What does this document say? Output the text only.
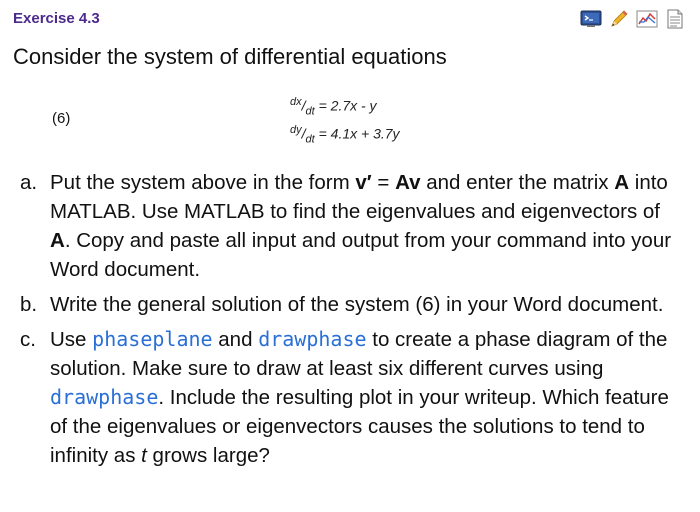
Exercise 4.3
Consider the system of differential equations
(6)
$^{dx}/_{dt} = 2.7x - y$
$^{dy}/_{dt} = 4.1x + 3.7y$
a. Put the system above in the form v′ = Av and enter the matrix A into MATLAB. Use MATLAB to find the eigenvalues and eigenvectors of A. Copy and paste all input and output from your command into your Word document.
b. Write the general solution of the system (6) in your Word document.
c. Use phaseplane and drawphase to create a phase diagram of the solution. Make sure to draw at least six different curves using drawphase. Include the resulting plot in your writeup. Which feature of the eigenvalues or eigenvectors causes the solutions to tend to infinity as t grows large?
